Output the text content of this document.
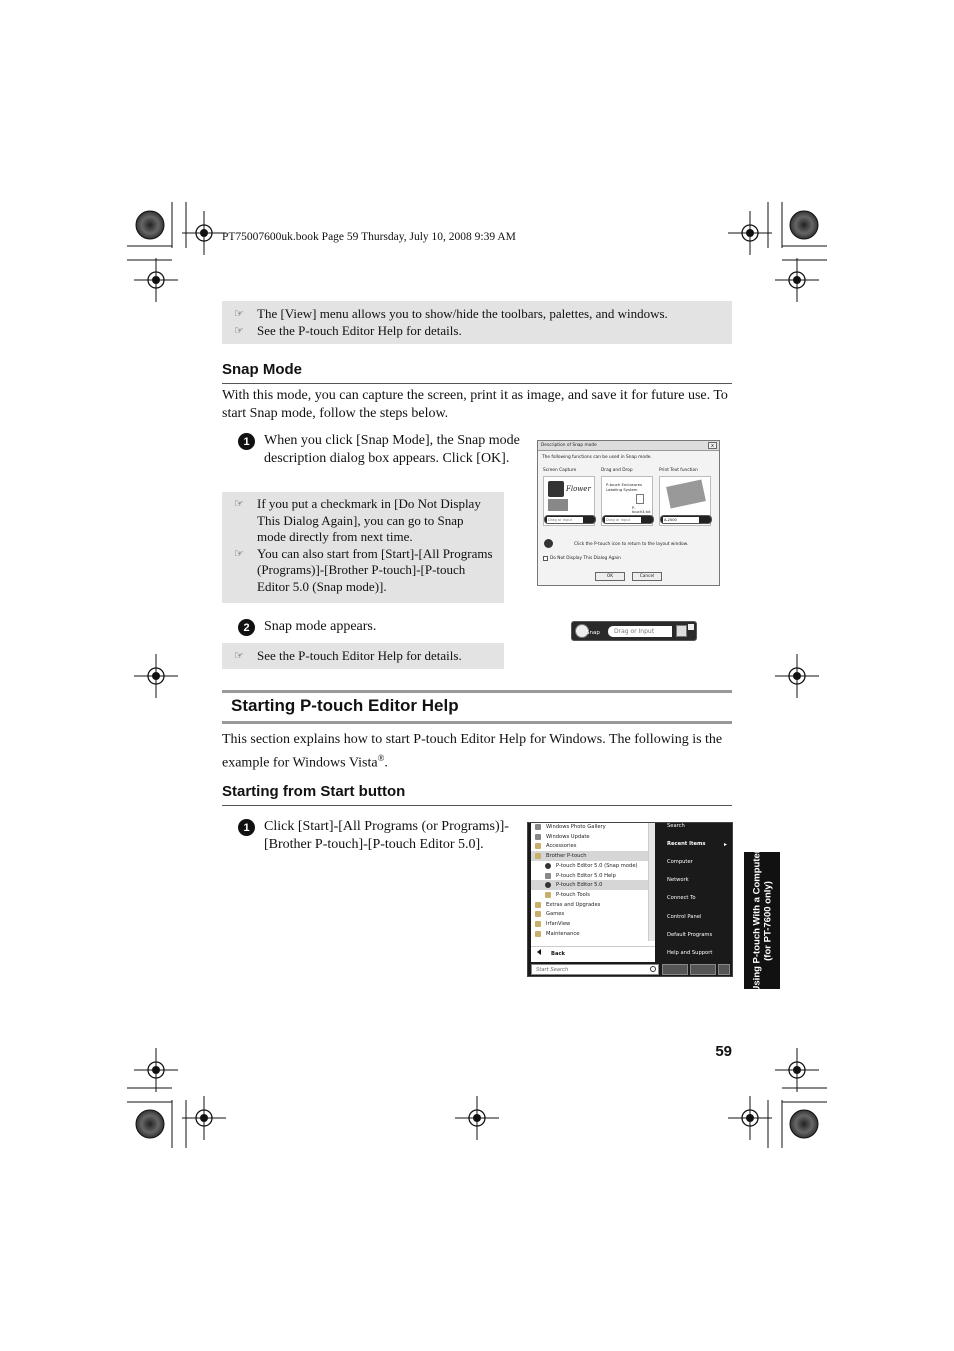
PT75007600uk.book Page 59 Thursday, July 10, 2008 9:39 AM
☞	The [View] menu allows you to show/hide the toolbars, palettes, and windows.
☞	See the P-touch Editor Help for details.
Snap Mode
With this mode, you can capture the screen, print it as image, and save it for future use. To start Snap mode, follow the steps below.
1	When you click [Snap Mode], the Snap mode description dialog box appears. Click [OK].
☞	If you put a checkmark in [Do Not Display This Dialog Again], you can go to Snap mode directly from next time.
☞	You can also start from [Start]-[All Programs (Programs)]-[Brother P-touch]-[P-touch Editor 5.0 (Snap mode)].
2	Snap mode appears.
☞	See the P-touch Editor Help for details.
Description of Snap mode	x
The following functions can be used in Snap mode.
Screen Capture	Drag and Drop	Print Text function
Flower
P-touch Enclosures Labeling System
P-touch3.txt
Drag or Input	Drag or Input	A-2000
Click the P-touch icon to return to the layout window.
Do Not Display This Dialog Again
OK	Cancel
Snap	Drag or Input
Starting P-touch Editor Help
This section explains how to start P-touch Editor Help for Windows. The following is the example for Windows Vista®.
Starting from Start button
1	Click [Start]-[All Programs (or Programs)]-[Brother P-touch]-[P-touch Editor 5.0].
Windows Photo Gallery
Windows Update
Accessories
Brother P-touch
P-touch Editor 5.0 (Snap mode)
P-touch Editor 5.0 Help
P-touch Editor 5.0
P-touch Tools
Extras and Upgrades
Games
IrfanView
Maintenance
Back
Start Search
Search
Recent Items	▸
Computer
Network
Connect To
Control Panel
Default Programs
Help and Support	Using P-touch With a Computer (for PT-7600 only)
59
